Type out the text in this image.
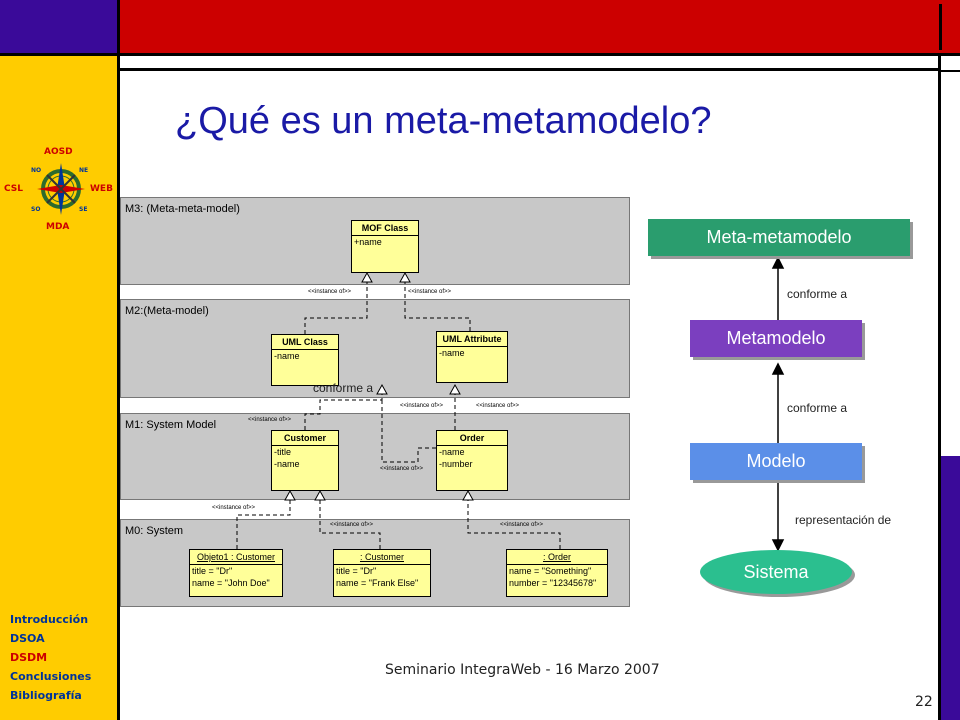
AOSD
CSL	WEB
MDA
NO	NE
SO	SE
Introducción
DSOA
DSDM
Conclusiones
Bibliografía
¿Qué es un meta-metamodelo?
M3: (Meta-meta-model)
M2:(Meta-model)
M1: System Model
M0: System
<<instance of>>	<<instance of>>
<<instance of>>	<<instance of>>
<<instance of>>
<<instance of>>
<<instance of>>
<<instance of>>	<<instance of>>
MOF Class
+name
UML Class
-name
UML Attribute
-name
Customer
-title
-name
Order
-name
-number
Objeto1 : Customer
title = "Dr"
name = "John Doe"
: Customer
title = "Dr"
name = "Frank Else"
: Order
name = "Something"
number = "12345678"
conforme a
Meta-metamodelo
Metamodelo
Modelo
Sistema
conforme a
conforme a
representación de
Seminario IntegraWeb - 16 Marzo 2007
22
